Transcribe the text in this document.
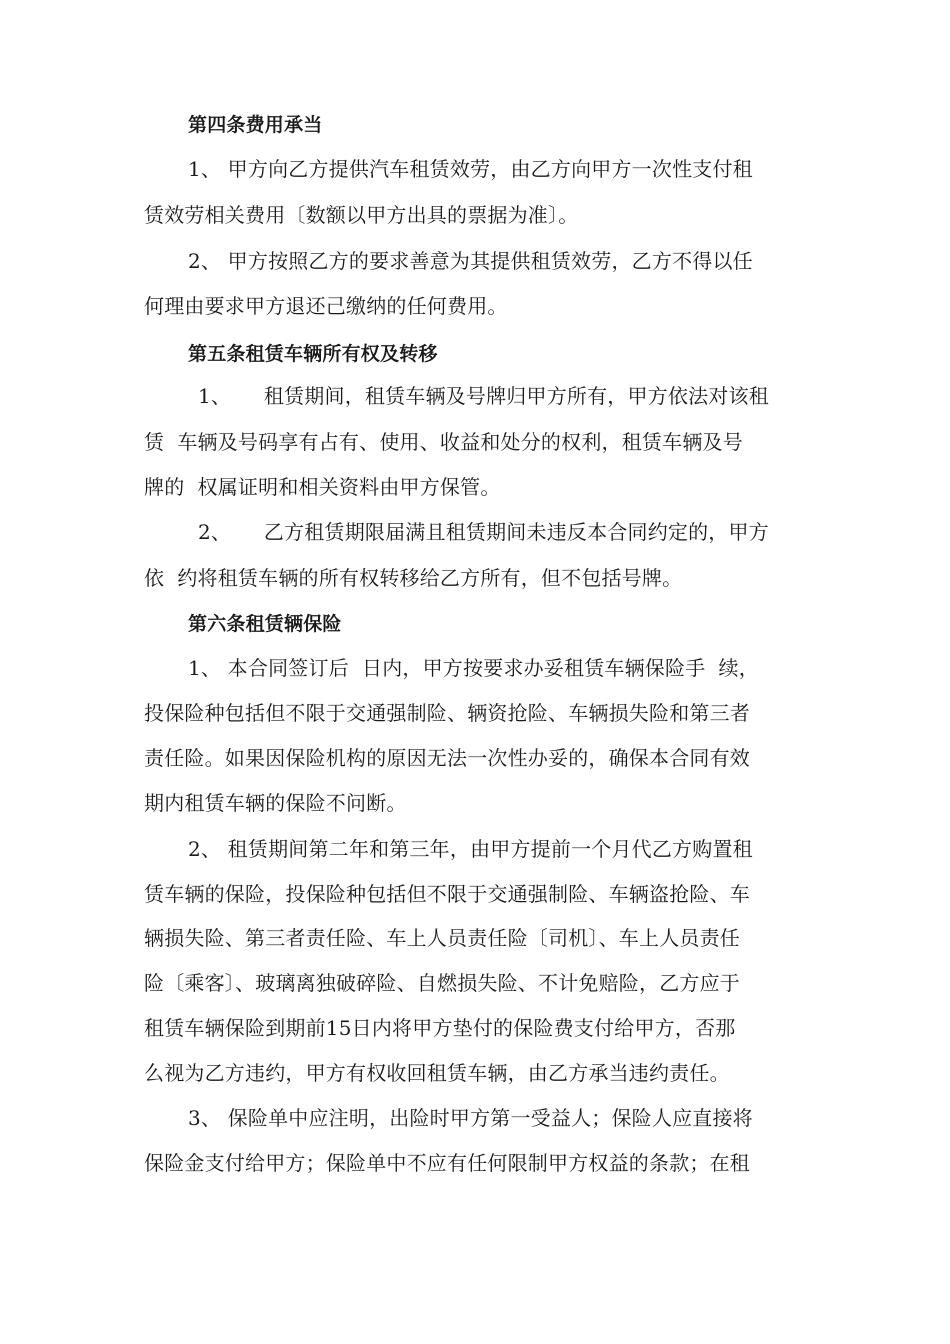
第四条费用承当
1、 甲方向乙方提供汽车租赁效劳，由乙方向甲方一次性支付租
赁效劳相关费用〔数额以甲方出具的票据为准〕。
2、 甲方按照乙方的要求善意为其提供租赁效劳，乙方不得以任
何理由要求甲方退还己缴纳的任何费用。
第五条租赁车辆所有权及转移
1、     租赁期间，租赁车辆及号牌归甲方所有，甲方依法对该租
赁  车辆及号码享有占有、使用、收益和处分的权利，租赁车辆及号
牌的  权属证明和相关资料由甲方保管。
2、     乙方租赁期限届满且租赁期间未违反本合同约定的，甲方
依  约将租赁车辆的所有权转移给乙方所有，但不包括号牌。
第六条租赁辆保险
1、 本合同签订后  日内，甲方按要求办妥租赁车辆保险手  续，
投保险种包括但不限于交通强制险、辆资抢险、车辆损失险和第三者
责任险。如果因保险机构的原因无法一次性办妥的，确保本合同有效
期内租赁车辆的保险不问断。
2、 租赁期间第二年和第三年，由甲方提前一个月代乙方购置租
赁车辆的保险，投保险种包括但不限于交通强制险、车辆盗抢险、车
辆损失险、第三者责任险、车上人员责任险〔司机〕、车上人员责任
险〔乘客〕、玻璃离独破碎险、自燃损失险、不计免赔险，乙方应于
租赁车辆保险到期前15日内将甲方垫付的保险费支付给甲方，否那
么视为乙方违约，甲方有权收回租赁车辆，由乙方承当违约责任。
3、 保险单中应注明，出险时甲方第一受益人；保险人应直接将
保险金支付给甲方；保险单中不应有任何限制甲方权益的条款；在租
